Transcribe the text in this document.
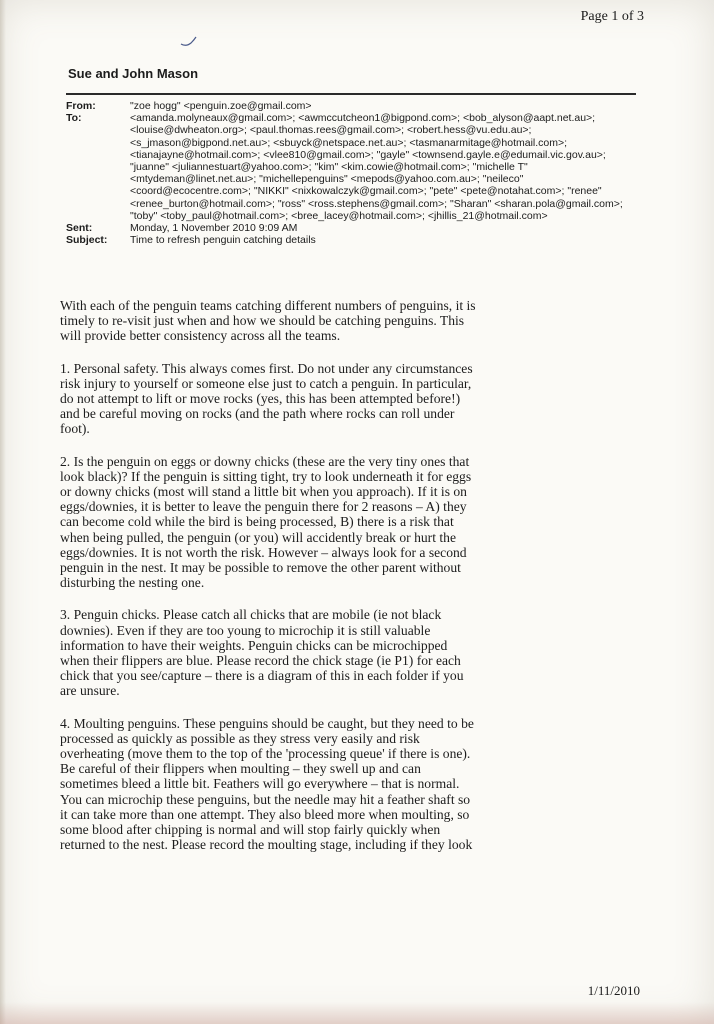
Page 1 of 3
Sue and John Mason
From:	"zoe hogg" <penguin.zoe@gmail.com>
To:	<amanda.molyneaux@gmail.com>; <awmccutcheon1@bigpond.com>; <bob_alyson@aapt.net.au>; <louise@dwheaton.org>; <paul.thomas.rees@gmail.com>; <robert.hess@vu.edu.au>; <s_jmason@bigpond.net.au>; <sbuyck@netspace.net.au>; <tasmanarmitage@hotmail.com>; <tianajayne@hotmail.com>; <vlee810@gmail.com>; "gayle" <townsend.gayle.e@edumail.vic.gov.au>; "juanne" <juliannestuart@yahoo.com>; "kim" <kim.cowie@hotmail.com>; "michelle T" <mtydeman@linet.net.au>; "michellepenguins" <mepods@yahoo.com.au>; "neileco" <coord@ecocentre.com>; "NIKKI" <nixkowalczyk@gmail.com>; "pete" <pete@notahat.com>; "renee" <renee_burton@hotmail.com>; "ross" <ross.stephens@gmail.com>; "Sharan" <sharan.pola@gmail.com>; "toby" <toby_paul@hotmail.com>; <bree_lacey@hotmail.com>; <jhillis_21@hotmail.com>
Sent:	Monday, 1 November 2010 9:09 AM
Subject:	Time to refresh penguin catching details

With each of the penguin teams catching different numbers of penguins, it is timely to re-visit just when and how we should be catching penguins. This will provide better consistency across all the teams.

1. Personal safety. This always comes first. Do not under any circumstances risk injury to yourself or someone else just to catch a penguin. In particular, do not attempt to lift or move rocks (yes, this has been attempted before!) and be careful moving on rocks (and the path where rocks can roll under foot).

2. Is the penguin on eggs or downy chicks (these are the very tiny ones that look black)? If the penguin is sitting tight, try to look underneath it for eggs or downy chicks (most will stand a little bit when you approach). If it is on eggs/downies, it is better to leave the penguin there for 2 reasons – A) they can become cold while the bird is being processed, B) there is a risk that when being pulled, the penguin (or you) will accidently break or hurt the eggs/downies. It is not worth the risk. However – always look for a second penguin in the nest. It may be possible to remove the other parent without disturbing the nesting one.

3. Penguin chicks. Please catch all chicks that are mobile (ie not black downies). Even if they are too young to microchip it is still valuable information to have their weights. Penguin chicks can be microchipped when their flippers are blue. Please record the chick stage (ie P1) for each chick that you see/capture – there is a diagram of this in each folder if you are unsure.

4. Moulting penguins. These penguins should be caught, but they need to be processed as quickly as possible as they stress very easily and risk overheating (move them to the top of the 'processing queue' if there is one). Be careful of their flippers when moulting – they swell up and can sometimes bleed a little bit. Feathers will go everywhere – that is normal. You can microchip these penguins, but the needle may hit a feather shaft so it can take more than one attempt. They also bleed more when moulting, so some blood after chipping is normal and will stop fairly quickly when returned to the nest. Please record the moulting stage, including if they look

1/11/2010
